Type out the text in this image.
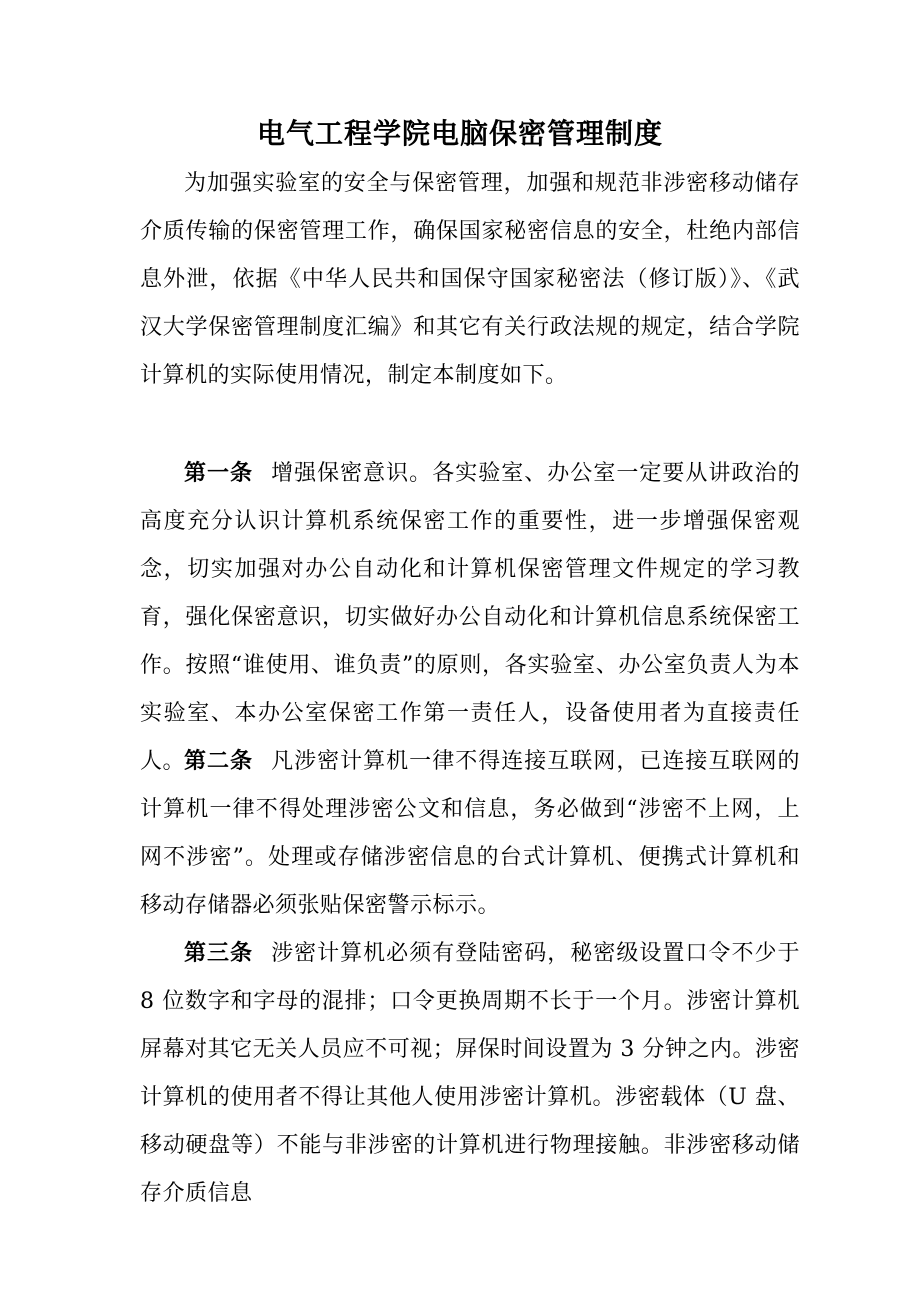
电气工程学院电脑保密管理制度

为加强实验室的安全与保密管理，加强和规范非涉密移动储存介质传输的保密管理工作，确保国家秘密信息的安全，杜绝内部信息外泄，依据《中华人民共和国保守国家秘密法（修订版）》、《武汉大学保密管理制度汇编》和其它有关行政法规的规定，结合学院计算机的实际使用情况，制定本制度如下。

第一条 增强保密意识。各实验室、办公室一定要从讲政治的高度充分认识计算机系统保密工作的重要性，进一步增强保密观念，切实加强对办公自动化和计算机保密管理文件规定的学习教育，强化保密意识，切实做好办公自动化和计算机信息系统保密工作。按照“谁使用、谁负责”的原则，各实验室、办公室负责人为本实验室、本办公室保密工作第一责任人，设备使用者为直接责任人。

第二条 凡涉密计算机一律不得连接互联网，已连接互联网的计算机一律不得处理涉密公文和信息，务必做到“涉密不上网，上网不涉密”。处理或存储涉密信息的台式计算机、便携式计算机和移动存储器必须张贴保密警示标示。

第三条 涉密计算机必须有登陆密码，秘密级设置口令不少于 8 位数字和字母的混排；口令更换周期不长于一个月。涉密计算机屏幕对其它无关人员应不可视；屏保时间设置为 3 分钟之内。涉密计算机的使用者不得让其他人使用涉密计算机。涉密载体（U 盘、移动硬盘等）不能与非涉密的计算机进行物理接触。非涉密移动储存介质信息
